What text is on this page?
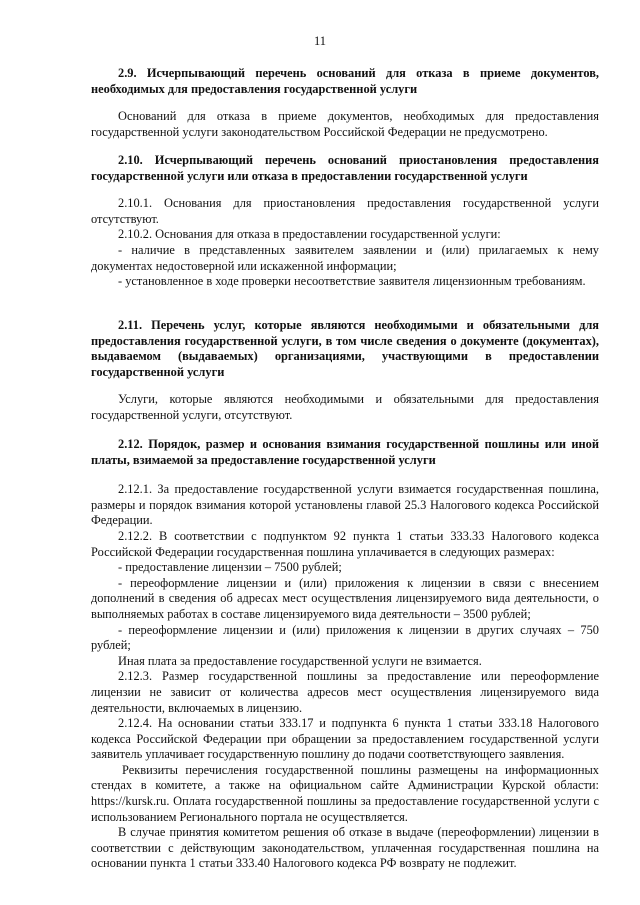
11

2.9. Исчерпывающий перечень оснований для отказа в приеме документов, необходимых для предоставления государственной услуги

Оснований для отказа в приеме документов, необходимых для предоставления государственной услуги законодательством Российской Федерации не предусмотрено.

2.10. Исчерпывающий перечень оснований приостановления предоставления государственной услуги или отказа в предоставлении государственной услуги

2.10.1. Основания для приостановления предоставления государственной услуги отсутствуют.

2.10.2. Основания для отказа в предоставлении государственной услуги:

- наличие в представленных заявителем заявлении и (или) прилагаемых к нему документах недостоверной или искаженной информации;

- установленное в ходе проверки несоответствие заявителя лицензионным требованиям.

2.11. Перечень услуг, которые являются необходимыми и обязательными для предоставления государственной услуги, в том числе сведения о документе (документах), выдаваемом (выдаваемых) организациями, участвующими в предоставлении государственной услуги

Услуги, которые являются необходимыми и обязательными для предоставления государственной услуги, отсутствуют.

2.12. Порядок, размер и основания взимания государственной пошлины или иной платы, взимаемой за предоставление государственной услуги

2.12.1. За предоставление государственной услуги взимается государственная пошлина, размеры и порядок взимания которой установлены главой 25.3 Налогового кодекса Российской Федерации.

2.12.2. В соответствии с подпунктом 92 пункта 1 статьи 333.33 Налогового кодекса Российской Федерации государственная пошлина уплачивается в следующих размерах:

- предоставление лицензии – 7500 рублей;

- переоформление лицензии и (или) приложения к лицензии в связи с внесением дополнений в сведения об адресах мест осуществления лицензируемого вида деятельности, о выполняемых работах в составе лицензируемого вида деятельности – 3500 рублей;

- переоформление лицензии и (или) приложения к лицензии в других случаях – 750 рублей;

Иная плата за предоставление государственной услуги не взимается.

2.12.3. Размер государственной пошлины за предоставление или переоформление лицензии не зависит от количества адресов мест осуществления лицензируемого вида деятельности, включаемых в лицензию.

2.12.4. На основании статьи 333.17 и подпункта 6 пункта 1 статьи 333.18 Налогового кодекса Российской Федерации при обращении за предоставлением государственной услуги заявитель уплачивает государственную пошлину до подачи соответствующего заявления.

Реквизиты перечисления государственной пошлины размещены на информационных стендах в комитете, а также на официальном сайте Администрации Курской области: https://kursk.ru. Оплата государственной пошлины за предоставление государственной услуги с использованием Регионального портала не осуществляется.

В случае принятия комитетом решения об отказе в выдаче (переоформлении) лицензии в соответствии с действующим законодательством, уплаченная государственная пошлина на основании пункта 1 статьи 333.40 Налогового кодекса РФ возврату не подлежит.
